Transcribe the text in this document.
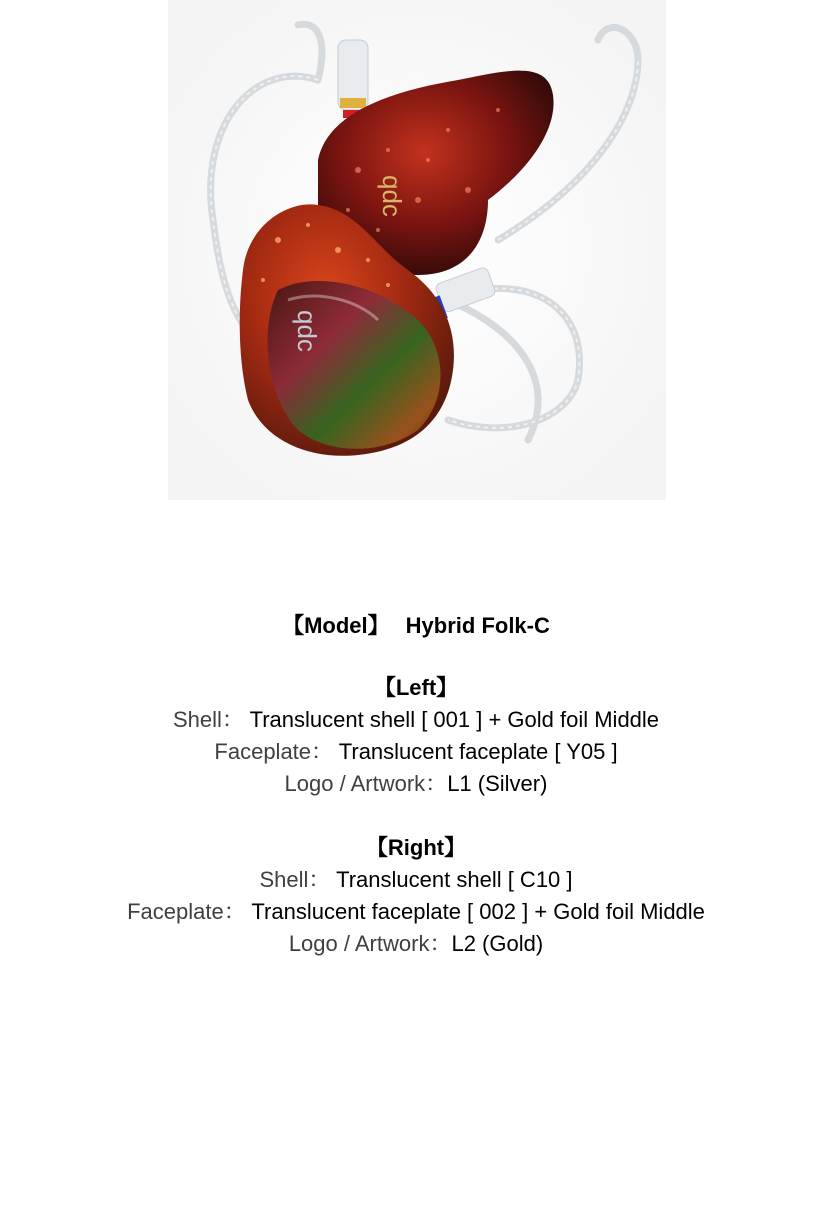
qdc
qdc
【Model】 Hybrid Folk-C

【Left】

Shell： Translucent shell [ 001 ] + Gold foil Middle

Faceplate： Translucent faceplate [ Y05 ]

Logo / Artwork：L1 (Silver)

【Right】

Shell： Translucent shell [ C10 ]

Faceplate： Translucent faceplate [ 002 ] + Gold foil Middle

Logo / Artwork：L2 (Gold)
